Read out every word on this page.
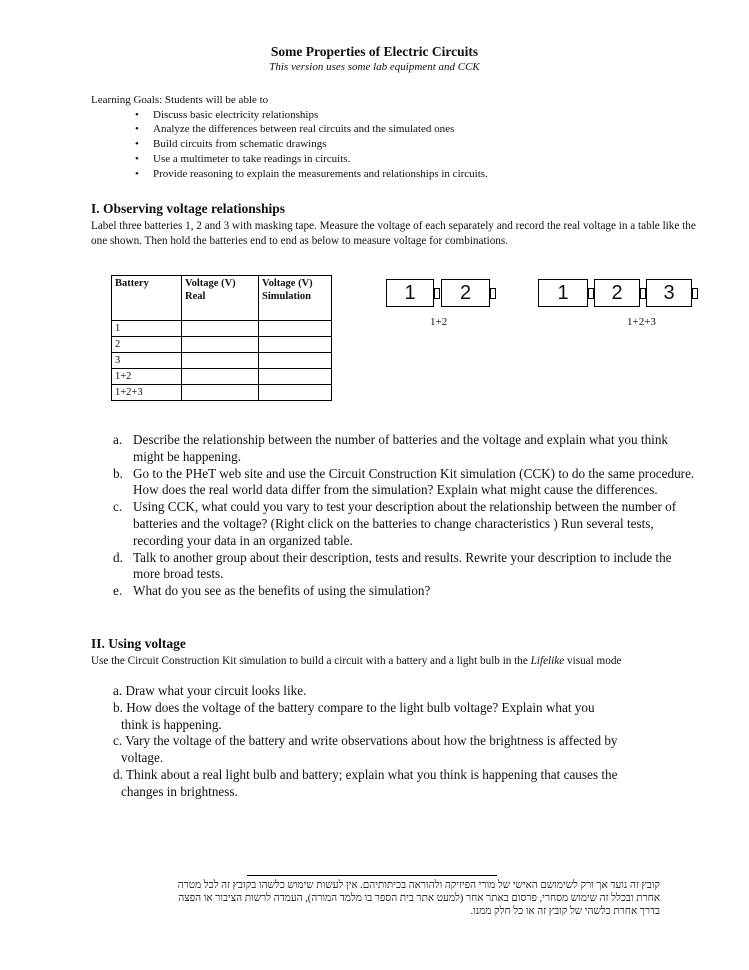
Some Properties of Electric Circuits
This version uses some lab equipment and CCK
Learning Goals: Students will be able to
• Discuss basic electricity relationships
• Analyze the differences between real circuits and the simulated ones
• Build circuits from schematic drawings
• Use a multimeter to take readings in circuits.
• Provide reasoning to explain the measurements and relationships in circuits.
I. Observing voltage relationships
Label three batteries 1, 2 and 3 with masking tape. Measure the voltage of each separately and record the real voltage in a table like the one shown. Then hold the batteries end to end as below to measure voltage for combinations.
Battery	Voltage (V) Real	Voltage (V) Simulation
1		
2		
3		
1+2		
1+2+3		
1	2
1+2
1	2	3
1+2+3
a. Describe the relationship between the number of batteries and the voltage and explain what you think might be happening.
b. Go to the PHeT web site and use the Circuit Construction Kit simulation (CCK) to do the same procedure. How does the real world data differ from the simulation? Explain what might cause the differences.
c. Using CCK, what could you vary to test your description about the relationship between the number of batteries and the voltage? (Right click on the batteries to change characteristics ) Run several tests, recording your data in an organized table.
d. Talk to another group about their description, tests and results. Rewrite your description to include the more broad tests.
e. What do you see as the benefits of using the simulation?
II. Using voltage
Use the Circuit Construction Kit simulation to build a circuit with a battery and a light bulb in the Lifelike visual mode
a. Draw what your circuit looks like.
b. How does the voltage of the battery compare to the light bulb voltage? Explain what you
think is happening.
c. Vary the voltage of the battery and write observations about how the brightness is affected by
voltage.
d. Think about a real light bulb and battery; explain what you think is happening that causes the
changes in brightness.
קובץ זה נועד אך ורק לשימושם האישי של מורי הפיזיקה ולהוראה בכיתותיהם. אין לעשות שימוש כלשהו בקובץ זה לכל מטרה
אחרת ובכלל זה שימוש מסחרי, פרסום באתר אחר (למעט אתר בית הספר בו מלמד המורה), העמדה לרשות הציבור או הפצה
בדרך אחרת כלשהי של קובץ זה או כל חלק ממנו.
